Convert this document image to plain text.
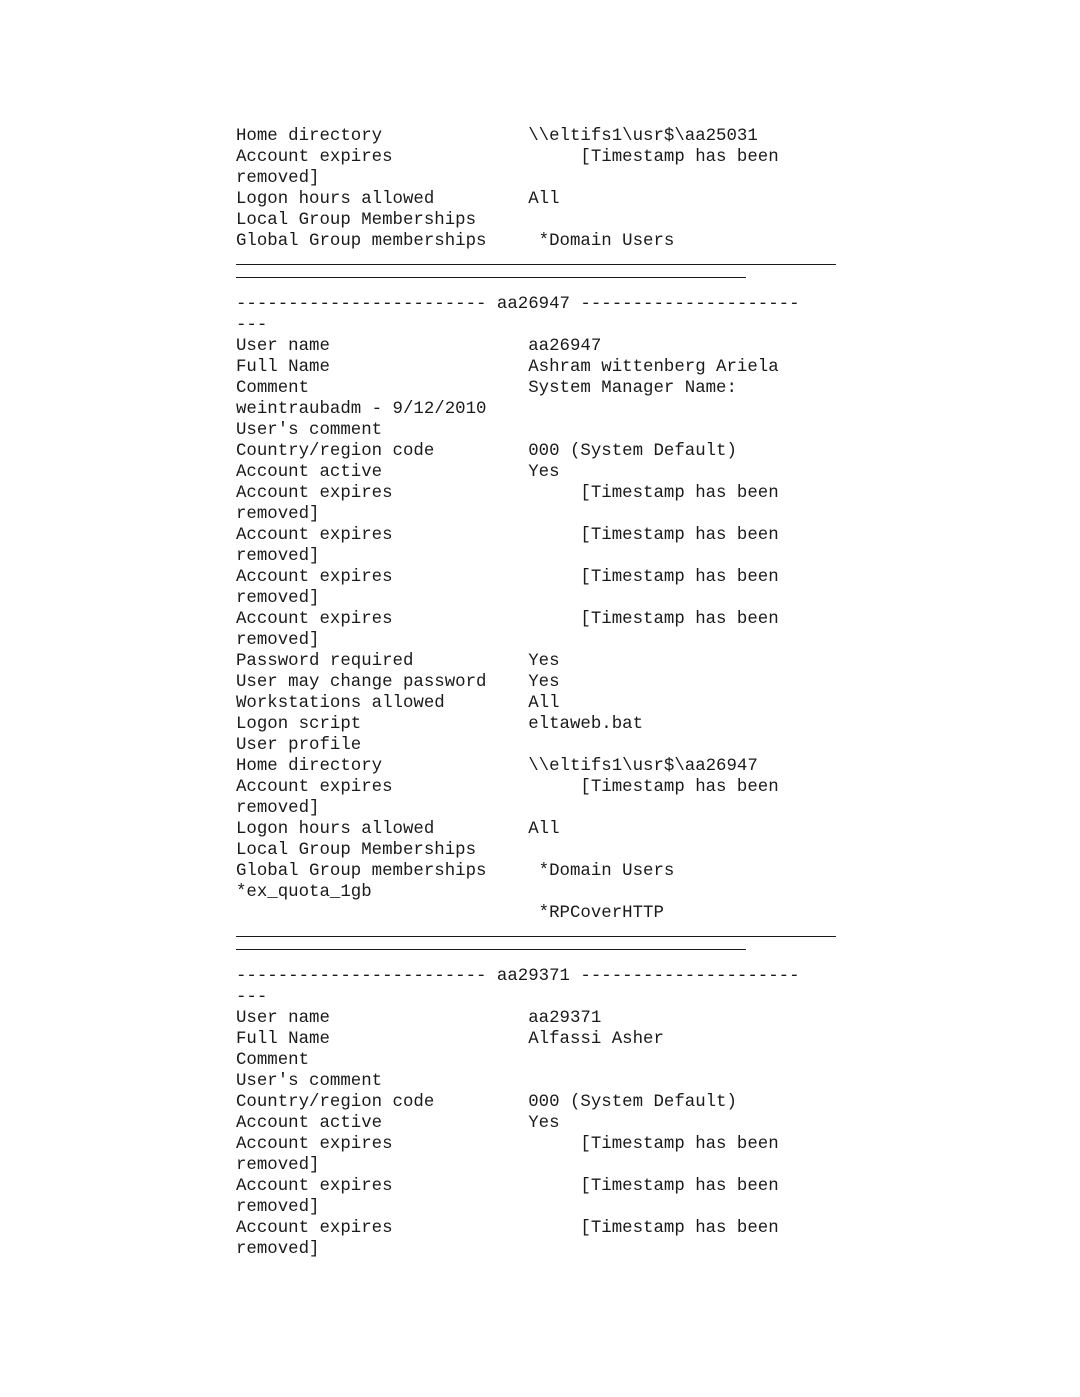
Home directory              \\eltifs1\usr$\aa25031
Account expires                  [Timestamp has been
removed]
Logon hours allowed         All
Local Group Memberships
Global Group memberships     *Domain Users
------------------------ aa26947 ---------------------
---
User name                   aa26947
Full Name                   Ashram wittenberg Ariela
Comment                     System Manager Name:
weintraubadm - 9/12/2010
User's comment
Country/region code         000 (System Default)
Account active              Yes
Account expires                  [Timestamp has been
removed]
Account expires                  [Timestamp has been
removed]
Account expires                  [Timestamp has been
removed]
Account expires                  [Timestamp has been
removed]
Password required           Yes
User may change password    Yes
Workstations allowed        All
Logon script                eltaweb.bat
User profile
Home directory              \\eltifs1\usr$\aa26947
Account expires                  [Timestamp has been
removed]
Logon hours allowed         All
Local Group Memberships
Global Group memberships     *Domain Users
*ex_quota_1gb
*RPCoverHTTP
------------------------ aa29371 ---------------------
---
User name                   aa29371
Full Name                   Alfassi Asher
Comment
User's comment
Country/region code         000 (System Default)
Account active              Yes
Account expires                  [Timestamp has been
removed]
Account expires                  [Timestamp has been
removed]
Account expires                  [Timestamp has been
removed]
